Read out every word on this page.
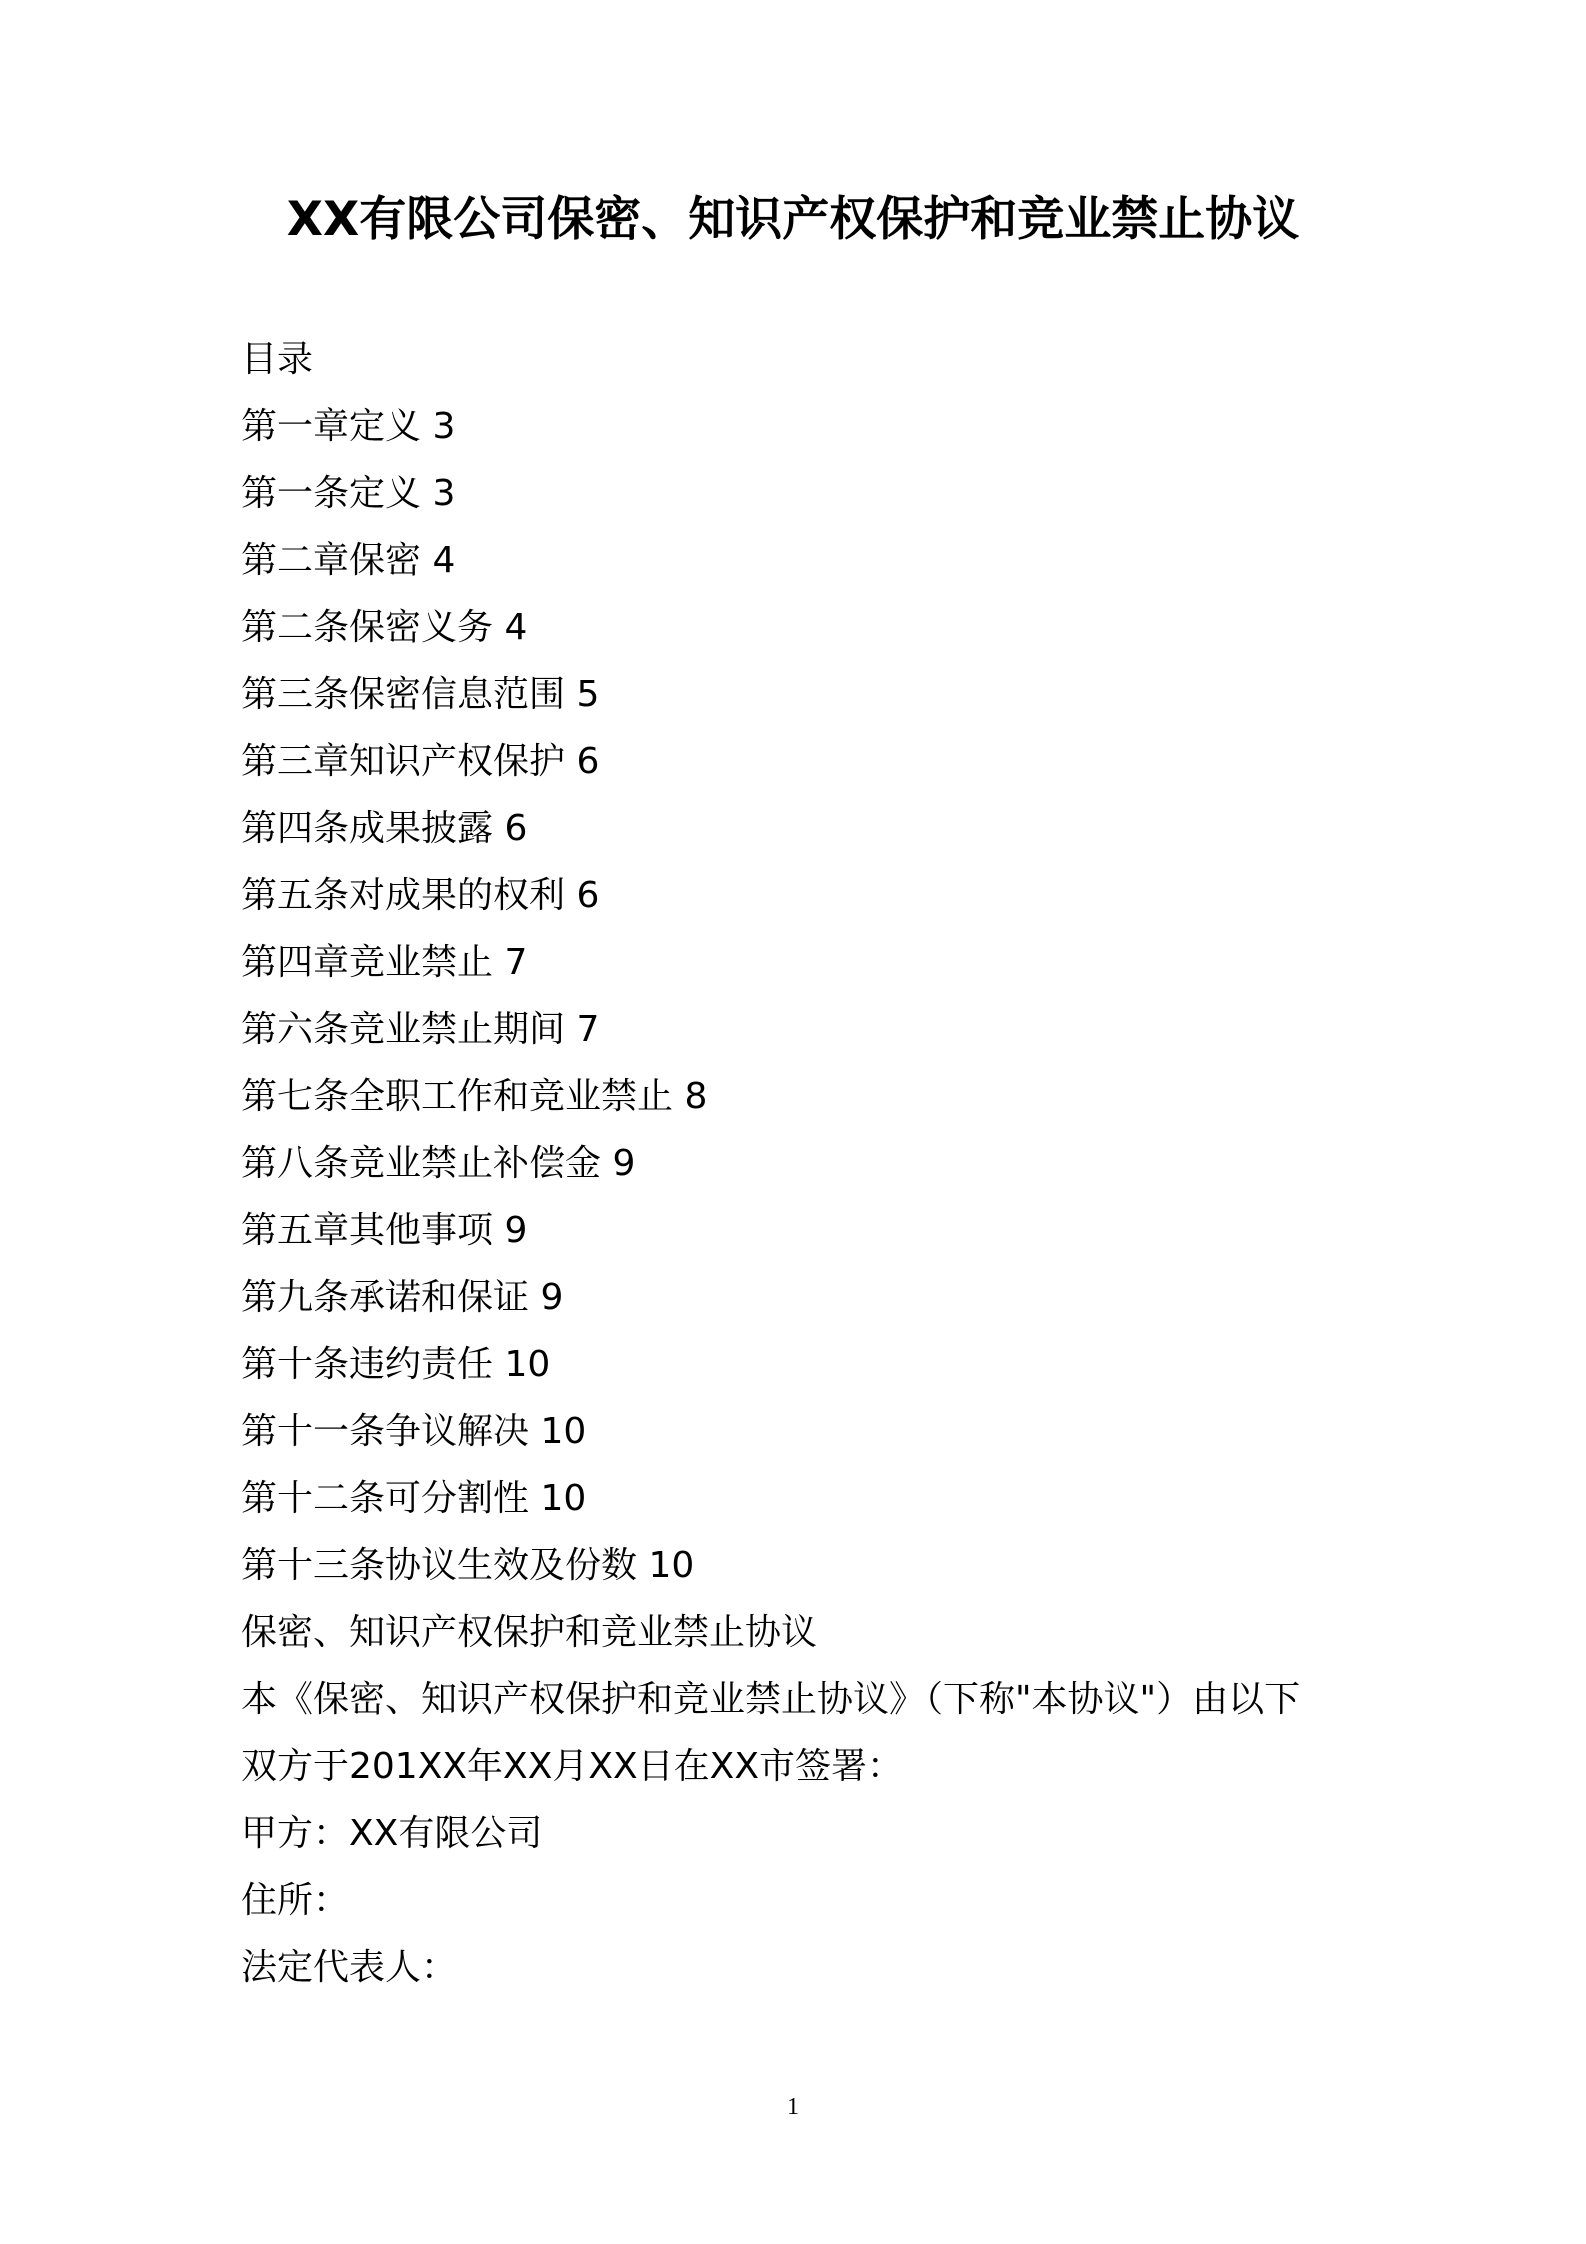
XX有限公司保密、知识产权保护和竞业禁止协议
目录
第一章定义 3
第一条定义 3
第二章保密 4
第二条保密义务 4
第三条保密信息范围 5
第三章知识产权保护 6
第四条成果披露 6
第五条对成果的权利 6
第四章竞业禁止 7
第六条竞业禁止期间 7
第七条全职工作和竞业禁止 8
第八条竞业禁止补偿金 9
第五章其他事项 9
第九条承诺和保证 9
第十条违约责任 10
第十一条争议解决 10
第十二条可分割性 10
第十三条协议生效及份数 10
保密、知识产权保护和竞业禁止协议
本《保密、知识产权保护和竞业禁止协议》（下称"本协议"）由以下
双方于201XX年XX月XX日在XX市签署：
甲方：XX有限公司
住所：
法定代表人：
1
